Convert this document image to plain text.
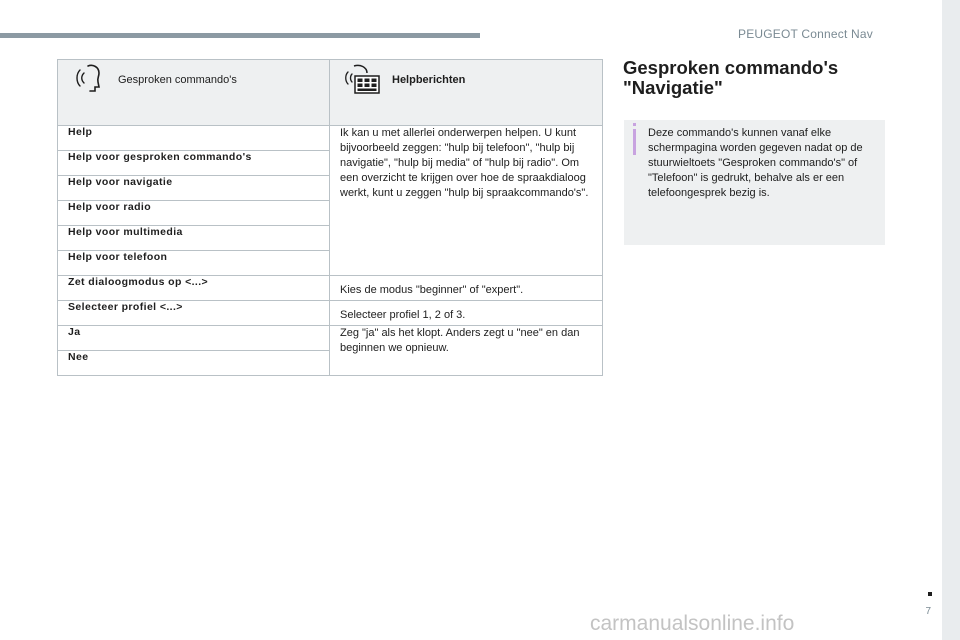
PEUGEOT Connect Nav
7
Gesproken commando's	Helpberichten

Help	Ik kan u met allerlei onderwerpen helpen. U kunt bijvoorbeeld zeggen: "hulp bij telefoon", "hulp bij navigatie", "hulp bij media" of "hulp bij radio". Om een overzicht te krijgen over hoe de spraakdialoog werkt, kunt u zeggen "hulp bij spraakcommando's".
Help voor gesproken commando's	
Help voor navigatie	
Help voor radio	
Help voor multimedia	
Help voor telefoon	
Zet dialoogmodus op <...>	Kies de modus "beginner" of "expert".
Selecteer profiel <...>	Selecteer profiel 1, 2 of 3.
Ja	Zeg "ja" als het klopt. Anders zegt u "nee" en dan beginnen we opnieuw.
Nee	
Gesproken commando's "Navigatie"
Deze commando's kunnen vanaf elke schermpagina worden gegeven nadat op de stuurwieltoets "Gesproken commando's" of "Telefoon" is gedrukt, behalve als er een telefoongesprek bezig is.
carmanualsonline.info
